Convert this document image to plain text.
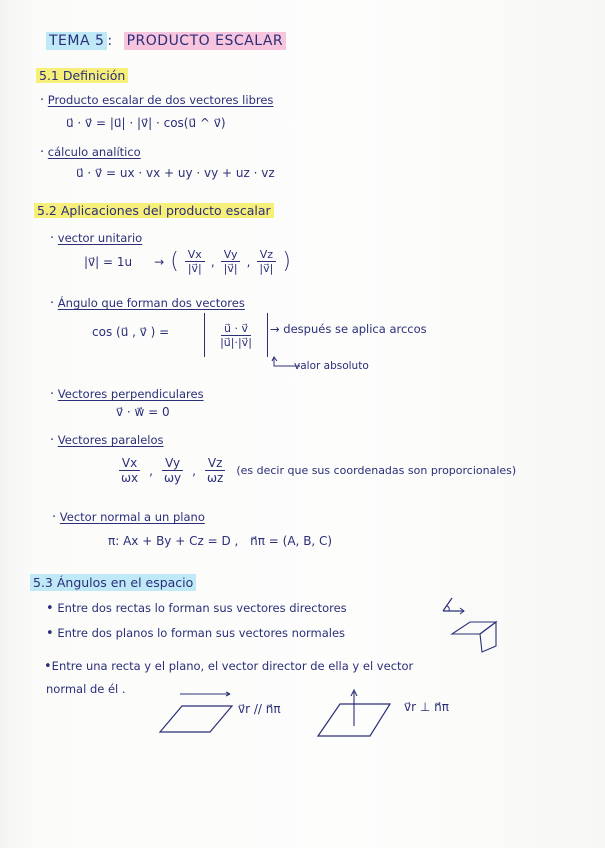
TEMA 5 : PRODUCTO ESCALAR
5.1 Definición
· Producto escalar de dos vectores libres
u⃗ · v⃗ = |u⃗| · |v⃗| · cos(u⃗ ^ v⃗)
· cálculo analítico
u⃗ · v⃗ = ux · vx + uy · vy + uz · vz
5.2 Aplicaciones del producto escalar
· vector unitario
|v⃗| = 1u → ( $\frac{Vx}{|v⃗|}$ , $\frac{Vy}{|v⃗|}$ , $\frac{Vz}{|v⃗|}$ )
· Ángulo que forman dos vectores
cos (u⃗ , v⃗ ) =	$\frac{u⃗ \cdot v⃗}{|u⃗|\cdot|v⃗|}$ → después se aplica arccos
valor absoluto
· Vectores perpendiculares
v⃗ · w⃗ = 0
· Vectores paralelos
$\frac{Vx}{\omega x}$ , $\frac{Vy}{\omega y}$ , $\frac{Vz}{\omega z} (es$ decir que sus coordenadas son proporcionales)
· Vector normal a un plano
π: Ax + By + Cz = D , n⃗π = (A, B, C)
5.3 Ángulos en el espacio
• Entre dos rectas lo forman sus vectores directores
• Entre dos planos lo forman sus vectores normales
•Entre una recta y el plano, el vector director de ella y el vector
normal de él .
v⃗r // n⃗π	v⃗r ⊥ n⃗π
